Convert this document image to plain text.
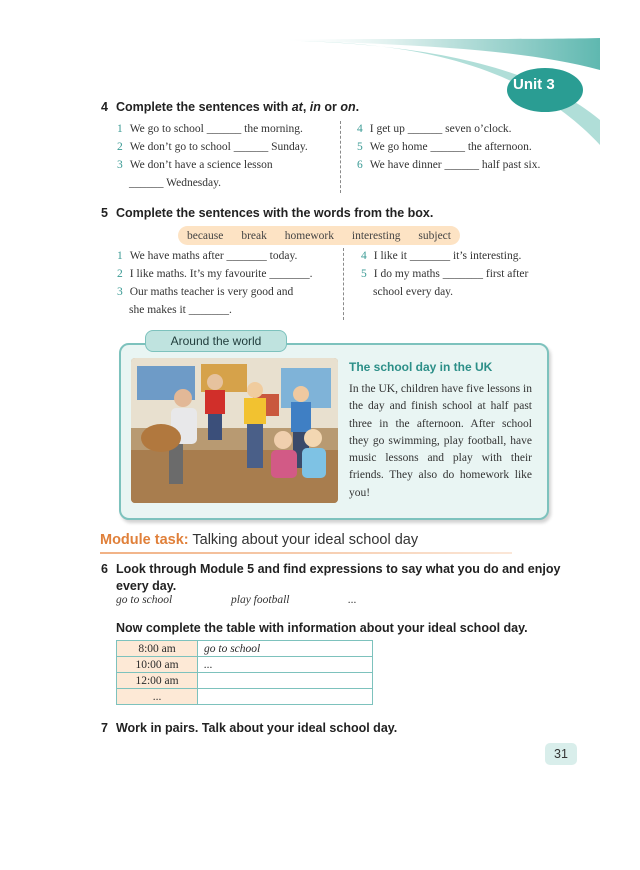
Unit 3
4 Complete the sentences with at, in or on.
1 We go to school ______ the morning.
2 We don’t go to school ______ Sunday.
3 We don’t have a science lesson
______ Wednesday.
4 I get up ______ seven o’clock.
5 We go home ______ the afternoon.
6 We have dinner ______ half past six.
5 Complete the sentences with the words from the box.
because break homework interesting subject
1 We have maths after _______ today.
2 I like maths. It’s my favourite _______.
3 Our maths teacher is very good and
she makes it _______.
4 I like it _______ it’s interesting.
5 I do my maths _______ first after
school every day.
Around the world
The school day in the UK
In the UK, children have five lessons in the day and finish school at half past three in the afternoon. After school they go swimming, play football, have music lessons and play with their friends. They also do homework like you!
Module task: Talking about your ideal school day
6 Look through Module 5 and find expressions to say what you do and enjoy
every day.
go to school	play football	...
Now complete the table with information about your ideal school day.
8:00 am	go to school
10:00 am	...
12:00 am	
...	
7 Work in pairs. Talk about your ideal school day.
31
